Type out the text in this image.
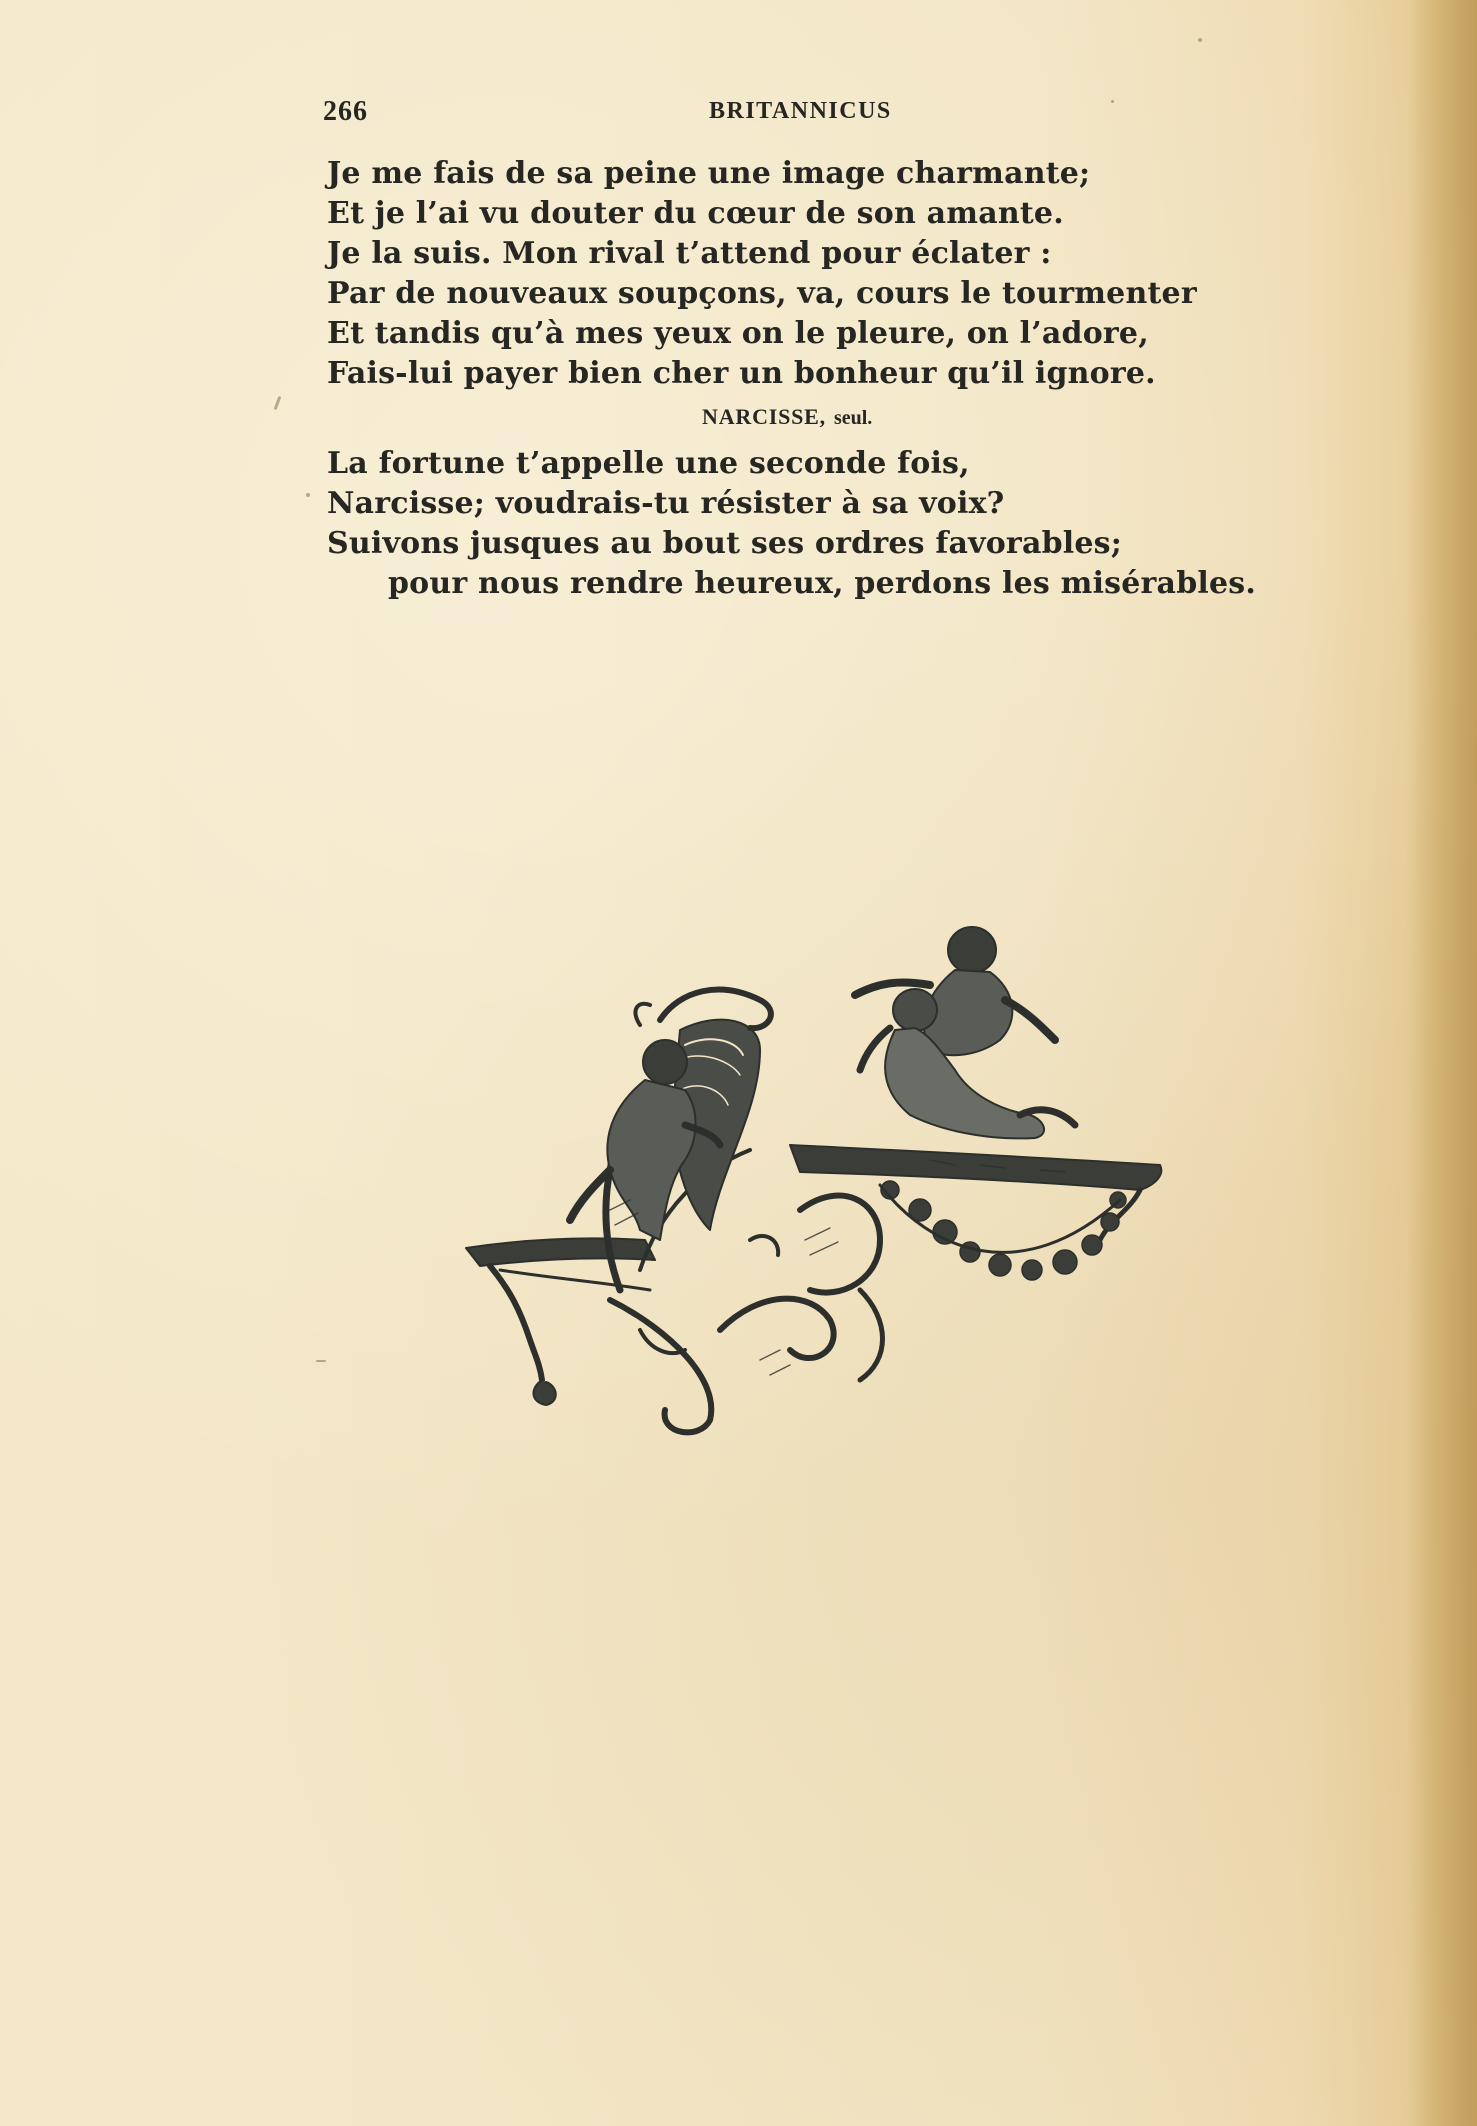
266	BRITANNICUS
Je me fais de sa peine une image charmante;
Et je l’ai vu douter du cœur de son amante.
Je la suis. Mon rival t’attend pour éclater :
Par de nouveaux soupçons, va, cours le tourmenter
Et tandis qu’à mes yeux on le pleure, on l’adore,
Fais-lui payer bien cher un bonheur qu’il ignore.
NARCISSE, seul.
La fortune t’appelle une seconde fois,
Narcisse; voudrais-tu résister à sa voix?
Suivons jusques au bout ses ordres favorables;
pour nous rendre heureux, perdons les misérables.
